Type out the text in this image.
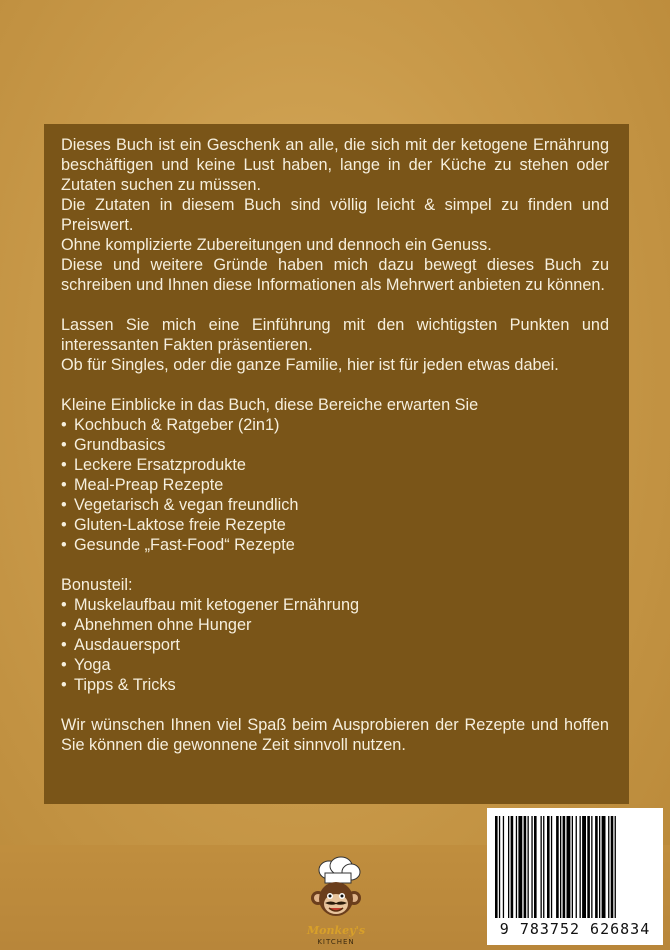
Dieses Buch ist ein Geschenk an alle, die sich mit der ketogene Ernährung beschäftigen und keine Lust haben, lange in der Küche zu stehen oder Zutaten suchen zu müssen.

Die Zutaten in diesem Buch sind völlig leicht & simpel zu finden und Preiswert.

Ohne komplizierte Zubereitungen und dennoch ein Genuss.

Diese und weitere Gründe haben mich dazu bewegt dieses Buch zu schreiben und Ihnen diese Informationen als Mehrwert anbieten zu können.

Lassen Sie mich eine Einführung mit den wichtigsten Punkten und interessanten Fakten präsentieren.

Ob für Singles, oder die ganze Familie, hier ist für jeden etwas dabei.

Kleine Einblicke in das Buch, diese Bereiche erwarten Sie

• Kochbuch & Ratgeber (2in1)
• Grundbasics
• Leckere Ersatzprodukte
• Meal-Preap Rezepte
• Vegetarisch & vegan freundlich
• Gluten-Laktose freie Rezepte
• Gesunde „Fast-Food“ Rezepte

Bonusteil:

• Muskelaufbau mit ketogener Ernährung
• Abnehmen ohne Hunger
• Ausdauersport
• Yoga
• Tipps & Tricks

Wir wünschen Ihnen viel Spaß beim Ausprobieren der Rezepte und hoffen Sie können die gewonnene Zeit sinnvoll nutzen.

Monkey's
KITCHEN
9 783752 626834
